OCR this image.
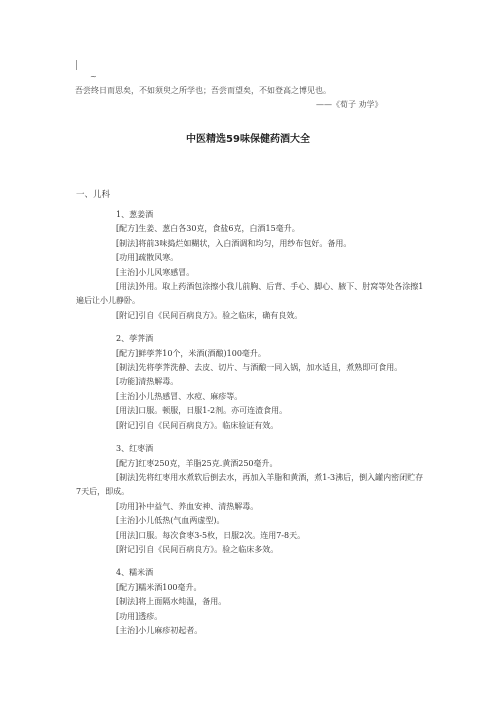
~
吾尝终日而思矣，不如须臾之所学也；吾尝而望矣，不如登高之博见也。
——《荀子 劝学》
中医精选59味保健药酒大全
一、儿科
1、葱姜酒
[配方]生姜、葱白各30克，食盐6克，白酒15毫升。
[制法]将前3味捣烂如糊状，入白酒调和均匀，用纱布包好。备用。
[功用]疏散风寒。
[主治]小儿风寒感冒。
[用法]外用。取上药酒包涂擦小我儿前胸、后背、手心、脚心、腋下、肘窝等处各涂擦1遍后让小儿静卧。
[附记]引自《民间百病良方》。验之临床，确有良效。
2、荸荠酒
[配方]鲜荸荠10个，米酒(酒酿)100毫升。
[制法]先将荸荠洗静、去皮、切片、与酒酿一同入锅，加水适且，煮熟即可食用。
[功能]清热解毒。
[主治]小儿热感冒、水痘、麻疹等。
[用法]口服。顿服，日服1-2剂。亦可连渣食用。
[附记]引自《民间百病良方》。临床验证有效。
3、红枣酒
[配方]红枣250克，羊脂25克.黄酒250毫升。
[制法]先将红枣用水煮软后倒去水，再加入羊脂和黄酒，煮1-3沸后，倒入罐内密闭贮存7天后，即成。
[功用]补中益气、养血安神、清热解毒。
[主治]小儿低热(气血两虚型)。
[用法]口服。每次食枣3-5枚，日服2次。连用7-8天。
[附记]引自《民间百病良方》。验之临床多效。
4、糯米酒
[配方]糯米酒100毫升。
[制法]将上面隔水炖温，备用。
[功用]透疹。
[主治]小儿麻疹初起者。
